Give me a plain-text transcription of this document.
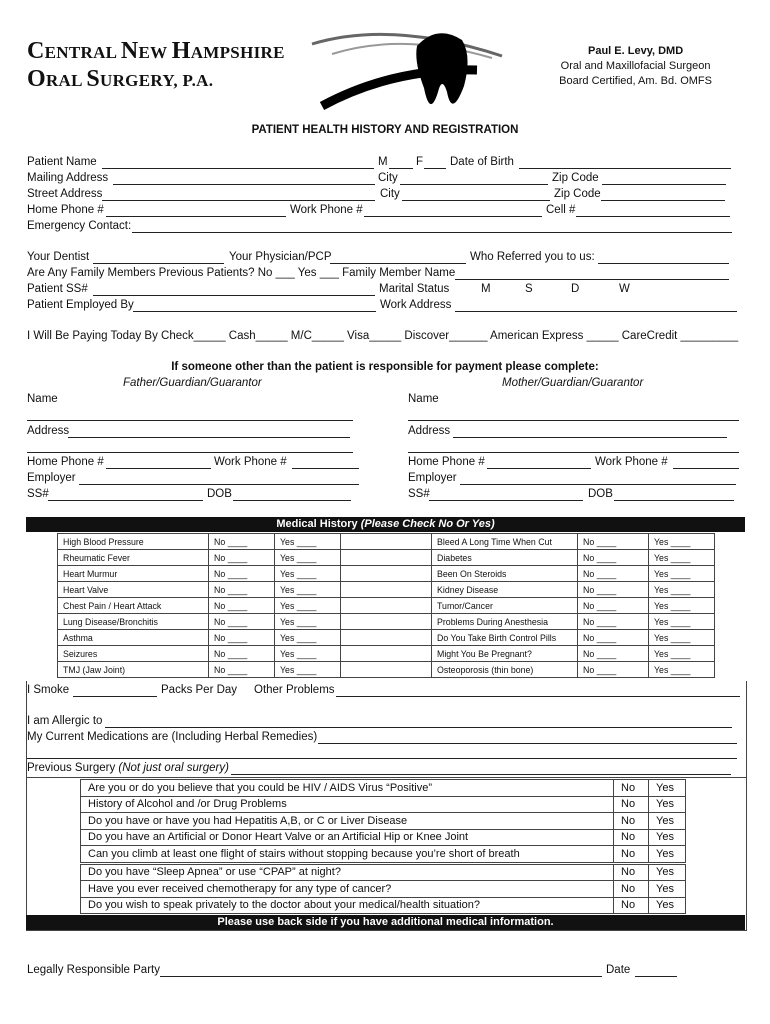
CENTRAL NEW HAMPSHIRE
ORAL SURGERY, P.A.
Paul E. Levy, DMD
Oral and Maxillofacial Surgeon
Board Certified, Am. Bd. OMFS
PATIENT HEALTH HISTORY AND REGISTRATION
Patient Name	M F Date of Birth
Mailing Address	City	Zip Code
Street Address	City	Zip Code
Home Phone #	Work Phone #	Cell #
Emergency Contact:
Your Dentist	Your Physician/PCP	Who Referred you to us:
Are Any Family Members Previous Patients? No ___ Yes ___ Family Member Name
Patient SS#	Marital Status	M	S	D	W
Patient Employed By	Work Address
I Will Be Paying Today By Check_____ Cash_____ M/C_____ Visa_____ Discover______ American Express _____ CareCredit _________
If someone other than the patient is responsible for payment please complete:
Father/Guardian/Guarantor	Mother/Guardian/Guarantor
Name
Address
Home Phone #	Work Phone #
Employer
SS#	DOB
Name
Address
Home Phone #	Work Phone #
Employer
SS#	DOB
Medical History (Please Check No Or Yes)
High Blood Pressure	No ____	Yes ____		Bleed A Long Time When Cut	No ____	Yes ____
Rheumatic Fever	No ____	Yes ____		Diabetes	No ____	Yes ____
Heart Murmur	No ____	Yes ____		Been On Steroids	No ____	Yes ____
Heart Valve	No ____	Yes ____		Kidney Disease	No ____	Yes ____
Chest Pain / Heart Attack	No ____	Yes ____		Tumor/Cancer	No ____	Yes ____
Lung Disease/Bronchitis	No ____	Yes ____		Problems During Anesthesia	No ____	Yes ____
Asthma	No ____	Yes ____		Do You Take Birth Control Pills	No ____	Yes ____
Seizures	No ____	Yes ____		Might You Be Pregnant?	No ____	Yes ____
TMJ (Jaw Joint)	No ____	Yes ____		Osteoporosis (thin bone)	No ____	Yes ____
I Smoke	Packs Per Day Other Problems
I am Allergic to
My Current Medications are (Including Herbal Remedies)
Previous Surgery (Not just oral surgery)
Are you or do you believe that you could be HIV / AIDS Virus “Positive”	No	Yes
History of Alcohol and /or Drug Problems	No	Yes
Do you have or have you had Hepatitis A,B, or C or Liver Disease	No	Yes
Do you have an Artificial or Donor Heart Valve or an Artificial Hip or Knee Joint	No	Yes
Can you climb at least one flight of stairs without stopping because you’re short of breath	No	Yes
Do you have “Sleep Apnea” or use “CPAP” at night?	No	Yes
Have you ever received chemotherapy for any type of cancer?	No	Yes
Do you wish to speak privately to the doctor about your medical/health situation?	No	Yes
Please use back side if you have additional medical information.
Legally Responsible Party	Date
